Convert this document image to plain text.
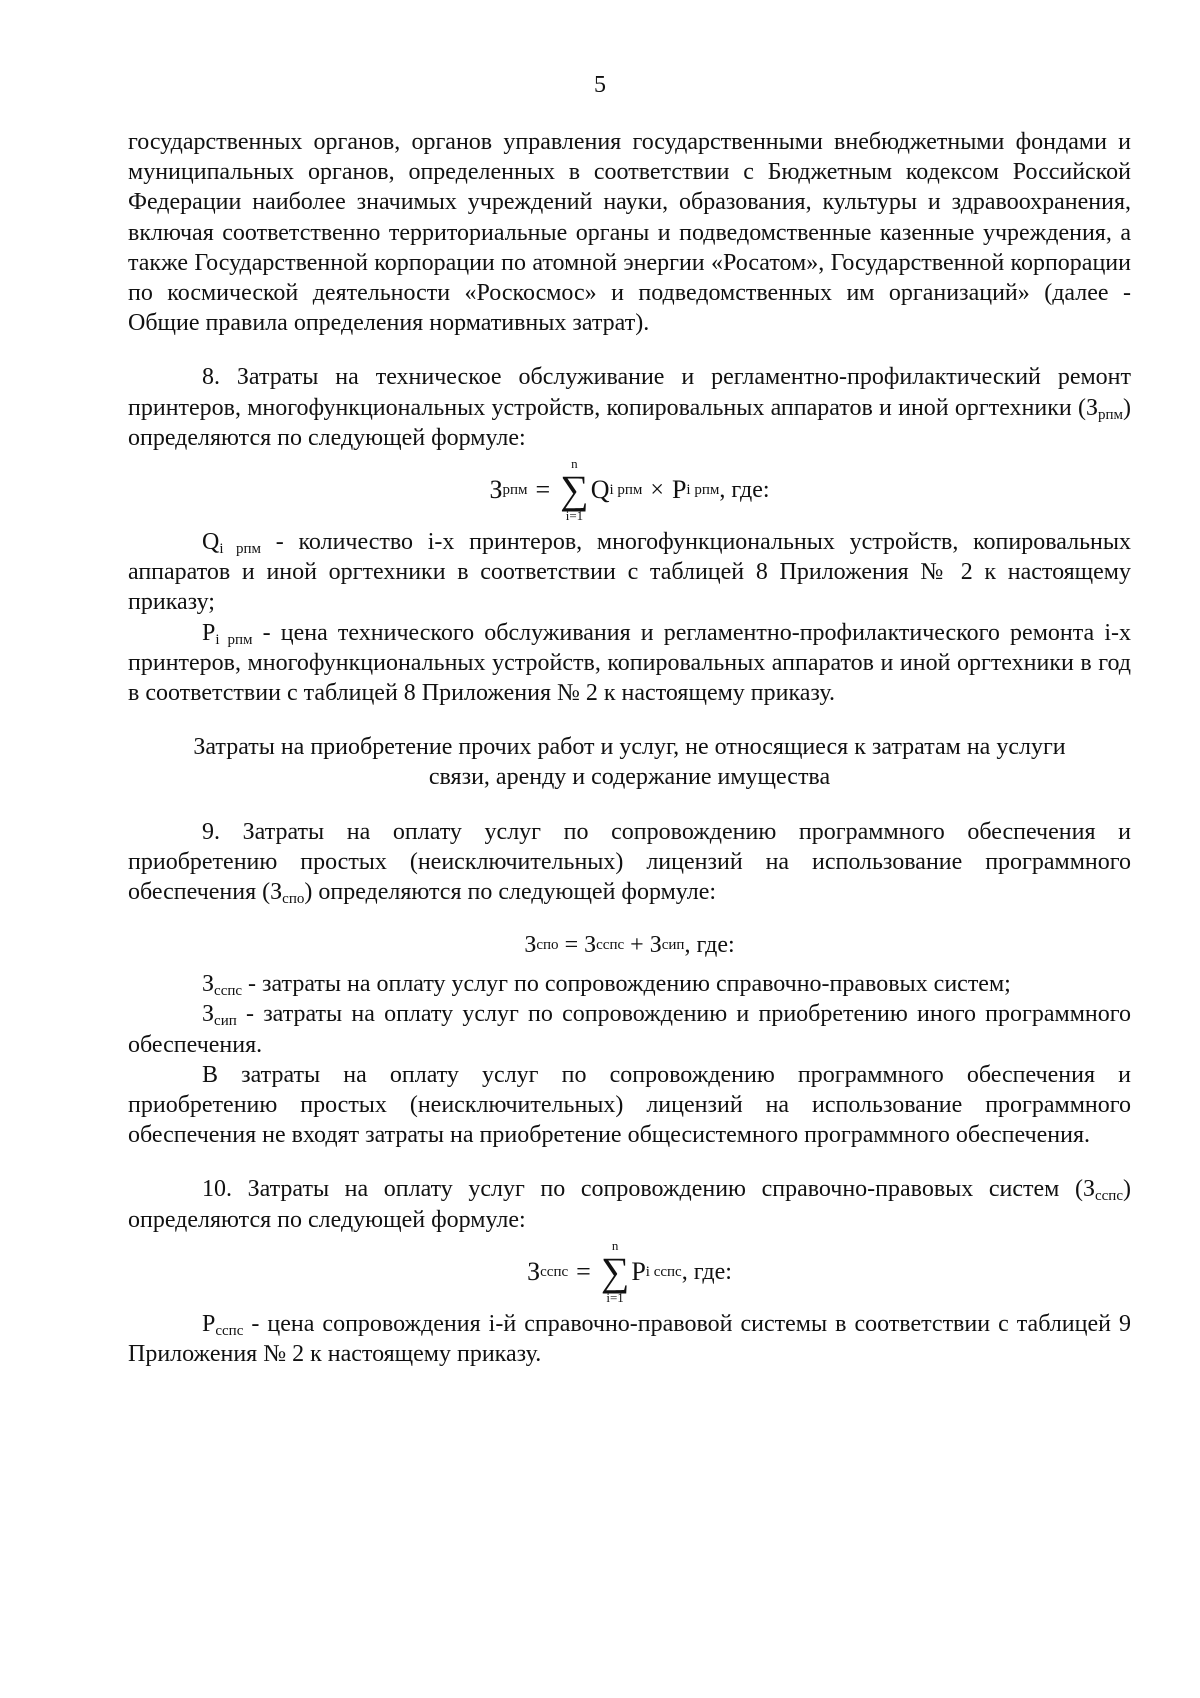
5

государственных органов, органов управления государственными внебюджетными фондами и муниципальных органов, определенных в соответствии с Бюджетным кодексом Российской Федерации наиболее значимых учреждений науки, образования, культуры и здравоохранения, включая соответственно территориальные органы и подведомственные казенные учреждения, а также Государственной корпорации по атомной энергии «Росатом», Государственной корпорации по космической деятельности «Роскосмос» и подведомственных им организаций» (далее - Общие правила определения нормативных затрат).

8. Затраты на техническое обслуживание и регламентно-профилактический ремонт принтеров, многофункциональных устройств, копировальных аппаратов и иной оргтехники $(З_{рпм})$ определяются по следующей формуле:

З рпм =
n
∑
i=1
Q i рпм × P i рпм , где:

$Q_{i рпм}$ - количество i-х принтеров, многофункциональных устройств, копировальных аппаратов и иной оргтехники в соответствии с таблицей 8 Приложения № 2 к настоящему приказу;

$P_{i рпм}$ - цена технического обслуживания и регламентно-профилактического ремонта i-х принтеров, многофункциональных устройств, копировальных аппаратов и иной оргтехники в год в соответствии с таблицей 8 Приложения № 2 к настоящему приказу.

Затраты на приобретение прочих работ и услуг, не относящиеся к затратам на услуги
связи, аренду и содержание имущества

9. Затраты на оплату услуг по сопровождению программного обеспечения и приобретению простых (неисключительных) лицензий на использование программного обеспечения $(З_{спо})$ определяются по следующей формуле:

З спо = З сспс + З сип , где:

$З_{сспс}$ - затраты на оплату услуг по сопровождению справочно-правовых систем;

$З_{сип}$ - затраты на оплату услуг по сопровождению и приобретению иного программного обеспечения.

В затраты на оплату услуг по сопровождению программного обеспечения и приобретению простых (неисключительных) лицензий на использование программного обеспечения не входят затраты на приобретение общесистемного программного обеспечения.

10. Затраты на оплату услуг по сопровождению справочно-правовых систем $(З_{сспс})$ определяются по следующей формуле:

З сспс =
n
∑
i=1
P i сспс , где:

$P_{сспс}$ - цена сопровождения i-й справочно-правовой системы в соответствии с таблицей 9 Приложения № 2 к настоящему приказу.
